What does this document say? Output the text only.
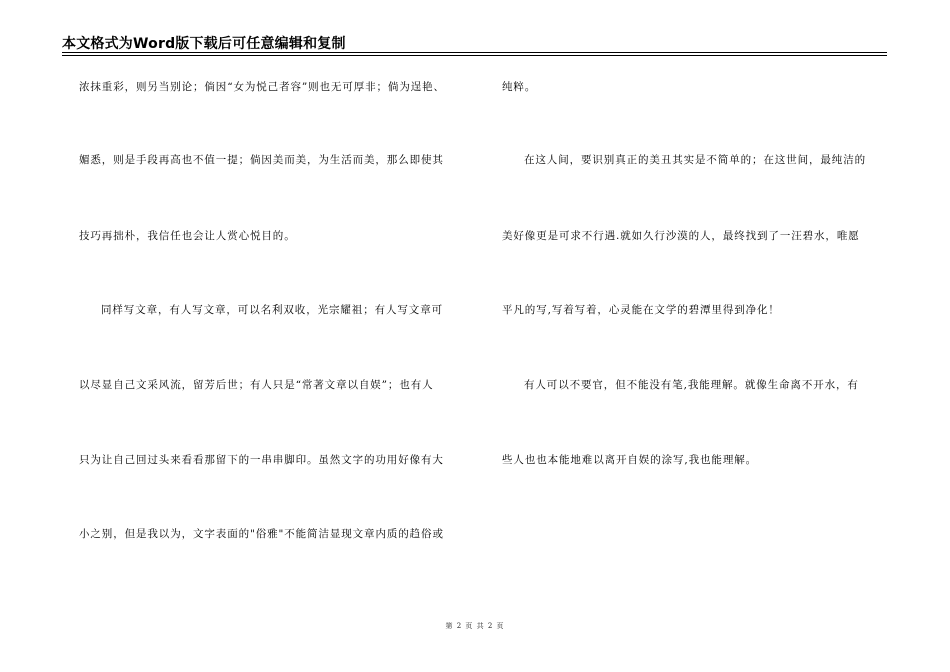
本文格式为Word版下载后可任意编辑和复制
浓抹重彩，则另当别论；倘因“女为悦己者容”则也无可厚非；倘为逞艳、
媚悉，则是手段再高也不值一提；倘因美而美，为生活而美，那么即使其
技巧再拙朴，我信任也会让人赏心悦目的。
同样写文章，有人写文章，可以名利双收，光宗耀祖；有人写文章可
以尽显自己文采风流，留芳后世；有人只是“常著文章以自娱”；也有人
只为让自己回过头来看看那留下的一串串脚印。虽然文字的功用好像有大
小之别，但是我以为，文字表面的"俗雅"不能简洁显现文章内质的趋俗或
纯粹。
在这人间，要识别真正的美丑其实是不简单的；在这世间，最纯洁的
美好像更是可求不行遇.就如久行沙漠的人，最终找到了一汪碧水，唯愿
平凡的写,写着写着，心灵能在文学的碧潭里得到净化！
有人可以不要官，但不能没有笔,我能理解。就像生命离不开水，有
些人也也本能地难以离开自娱的涂写,我也能理解。
第 2 页 共 2 页
